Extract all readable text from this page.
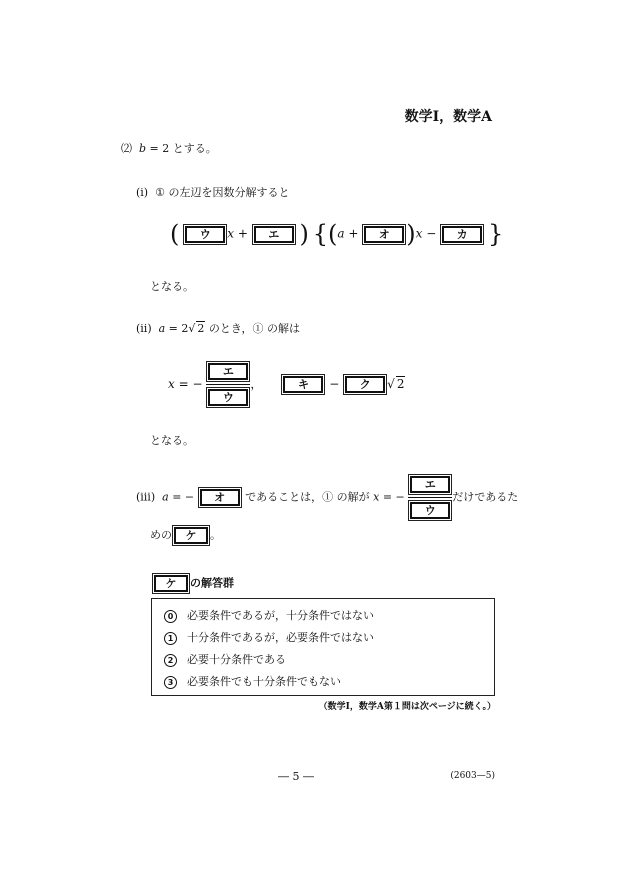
数学Ⅰ，数学A
⑵ b = 2 とする。
(ⅰ) ① の左辺を因数分解すると
(	ウ	x +	エ ) {(a +	オ )x −	カ }
となる。
(ⅱ) a = 2√ 2 のとき，① の解は
x = − $\frac{\text{エ}}{\text{ウ}}$ ，	キ	−	ク	√ 2
となる。
(ⅲ) a = −	オ	であることは，① の解が x = − $\frac{\text{エ}}{\text{ウ}}$ だけであるた
めの	ケ	。
ケ	の解答群
0 必要条件であるが，十分条件ではない
1 十分条件であるが，必要条件ではない
2 必要十分条件である
3 必要条件でも十分条件でもない
（数学Ⅰ，数学A第１問は次ページに続く。）
― 5 ―	(2603—5)
